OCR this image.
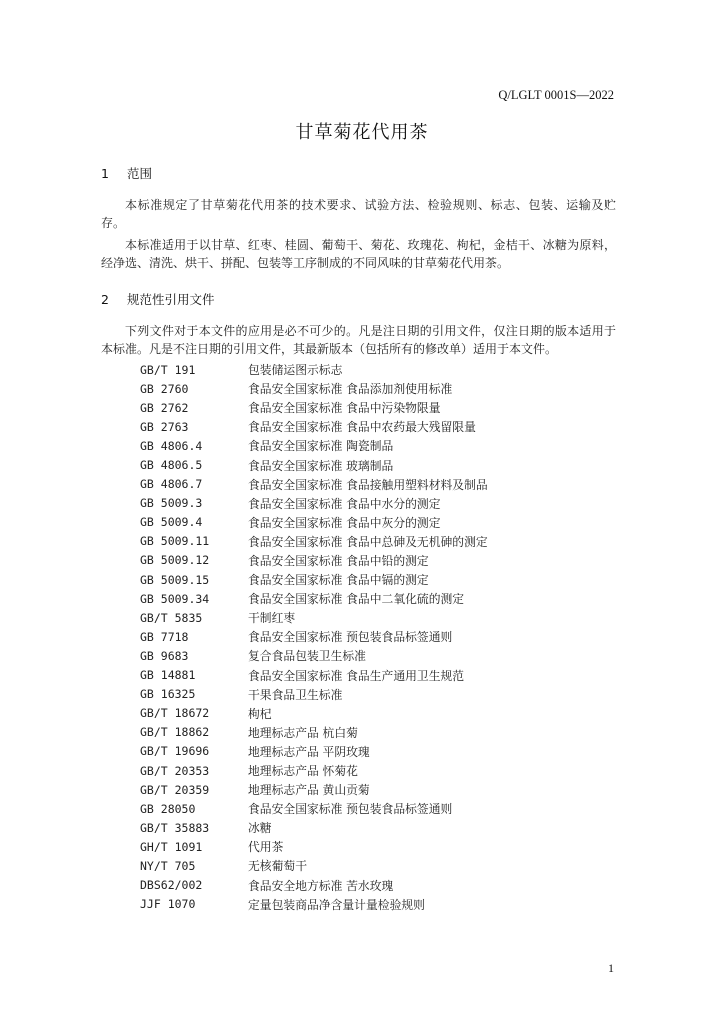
Q/LGLT 0001S—2022
甘草菊花代用茶
1 范围
本标准规定了甘草菊花代用茶的技术要求、试验方法、检验规则、标志、包装、运输及贮存。
本标准适用于以甘草、红枣、桂圆、葡萄干、菊花、玫瑰花、枸杞，金桔干、冰糖为原料，经净选、清洗、烘干、拼配、包装等工序制成的不同风味的甘草菊花代用茶。
2 规范性引用文件
下列文件对于本文件的应用是必不可少的。凡是注日期的引用文件，仅注日期的版本适用于本标准。凡是不注日期的引用文件，其最新版本（包括所有的修改单）适用于本文件。
GB/T 191	包装储运图示标志
GB 2760	食品安全国家标准 食品添加剂使用标准
GB 2762	食品安全国家标准 食品中污染物限量
GB 2763	食品安全国家标准 食品中农药最大残留限量
GB 4806.4	食品安全国家标准 陶瓷制品
GB 4806.5	食品安全国家标准 玻璃制品
GB 4806.7	食品安全国家标准 食品接触用塑料材料及制品
GB 5009.3	食品安全国家标准 食品中水分的测定
GB 5009.4	食品安全国家标准 食品中灰分的测定
GB 5009.11	食品安全国家标准 食品中总砷及无机砷的测定
GB 5009.12	食品安全国家标准 食品中铅的测定
GB 5009.15	食品安全国家标准 食品中镉的测定
GB 5009.34	食品安全国家标准 食品中二氧化硫的测定
GB/T 5835	干制红枣
GB 7718	食品安全国家标准 预包装食品标签通则
GB 9683	复合食品包装卫生标准
GB 14881	食品安全国家标准 食品生产通用卫生规范
GB 16325	干果食品卫生标准
GB/T 18672	枸杞
GB/T 18862	地理标志产品 杭白菊
GB/T 19696	地理标志产品 平阴玫瑰
GB/T 20353	地理标志产品 怀菊花
GB/T 20359	地理标志产品 黄山贡菊
GB 28050	食品安全国家标准 预包装食品标签通则
GB/T 35883	冰糖
GH/T 1091	代用茶
NY/T 705	无核葡萄干
DBS62/002	食品安全地方标准 苦水玫瑰
JJF 1070	定量包装商品净含量计量检验规则
1
